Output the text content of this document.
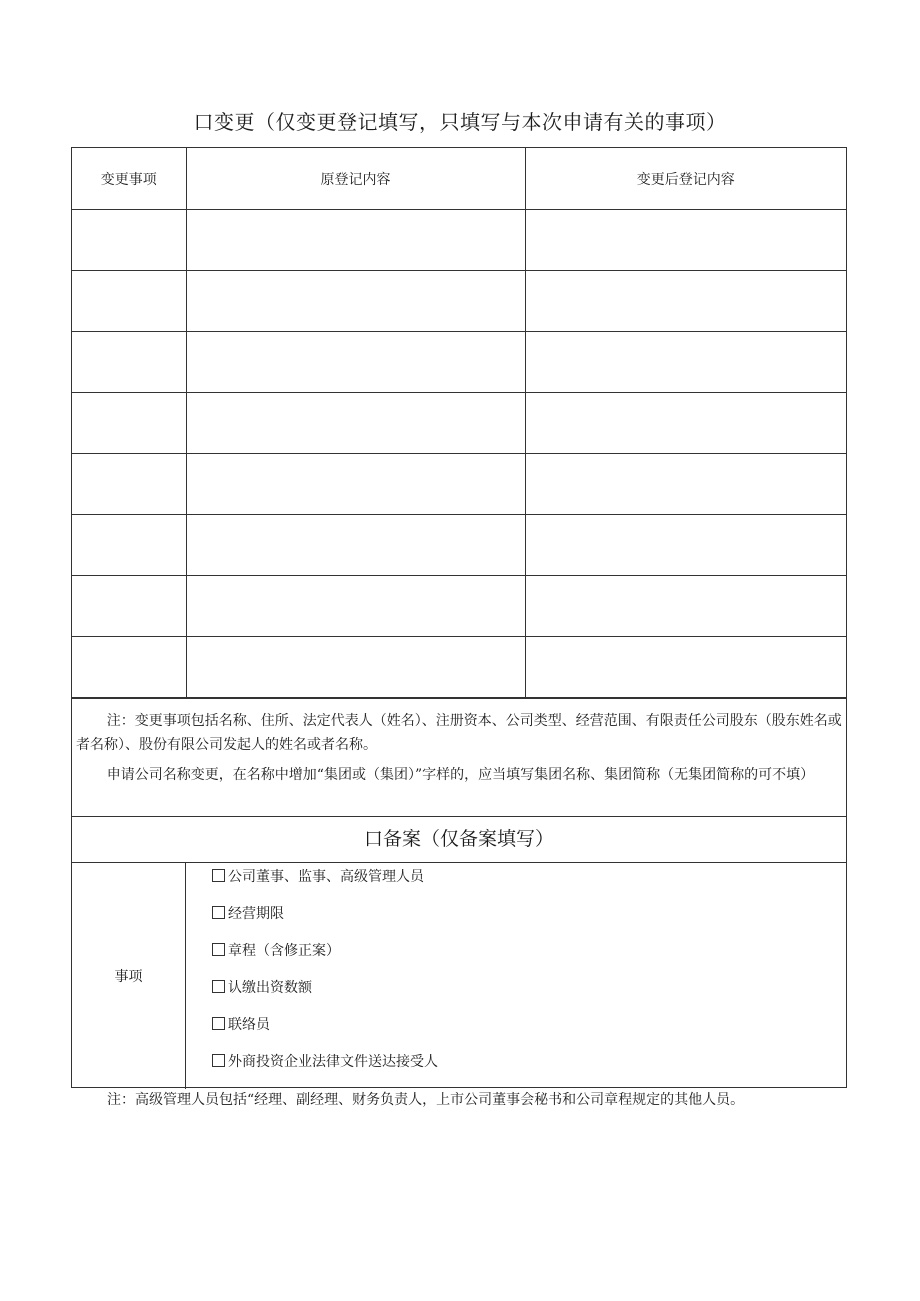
口变更（仅变更登记填写，只填写与本次申请有关的事项）
变更事项	原登记内容	变更后登记内容

注：变更事项包括名称、住所、法定代表人（姓名）、注册资本、公司类型、经营范围、有限责任公司股东（股东姓名或者名称）、股份有限公司发起人的姓名或者名称。

申请公司名称变更，在名称中增加“集团或（集团）”字样的，应当填写集团名称、集团简称（无集团简称的可不填）

口备案（仅备案填写）
事项
公司董事、监事、高级管理人员
经营期限
章程（含修正案）
认缴出资数额
联络员
外商投资企业法律文件送达接受人
注：高级管理人员包括“经理、副经理、财务负责人，上市公司董事会秘书和公司章程规定的其他人员。
